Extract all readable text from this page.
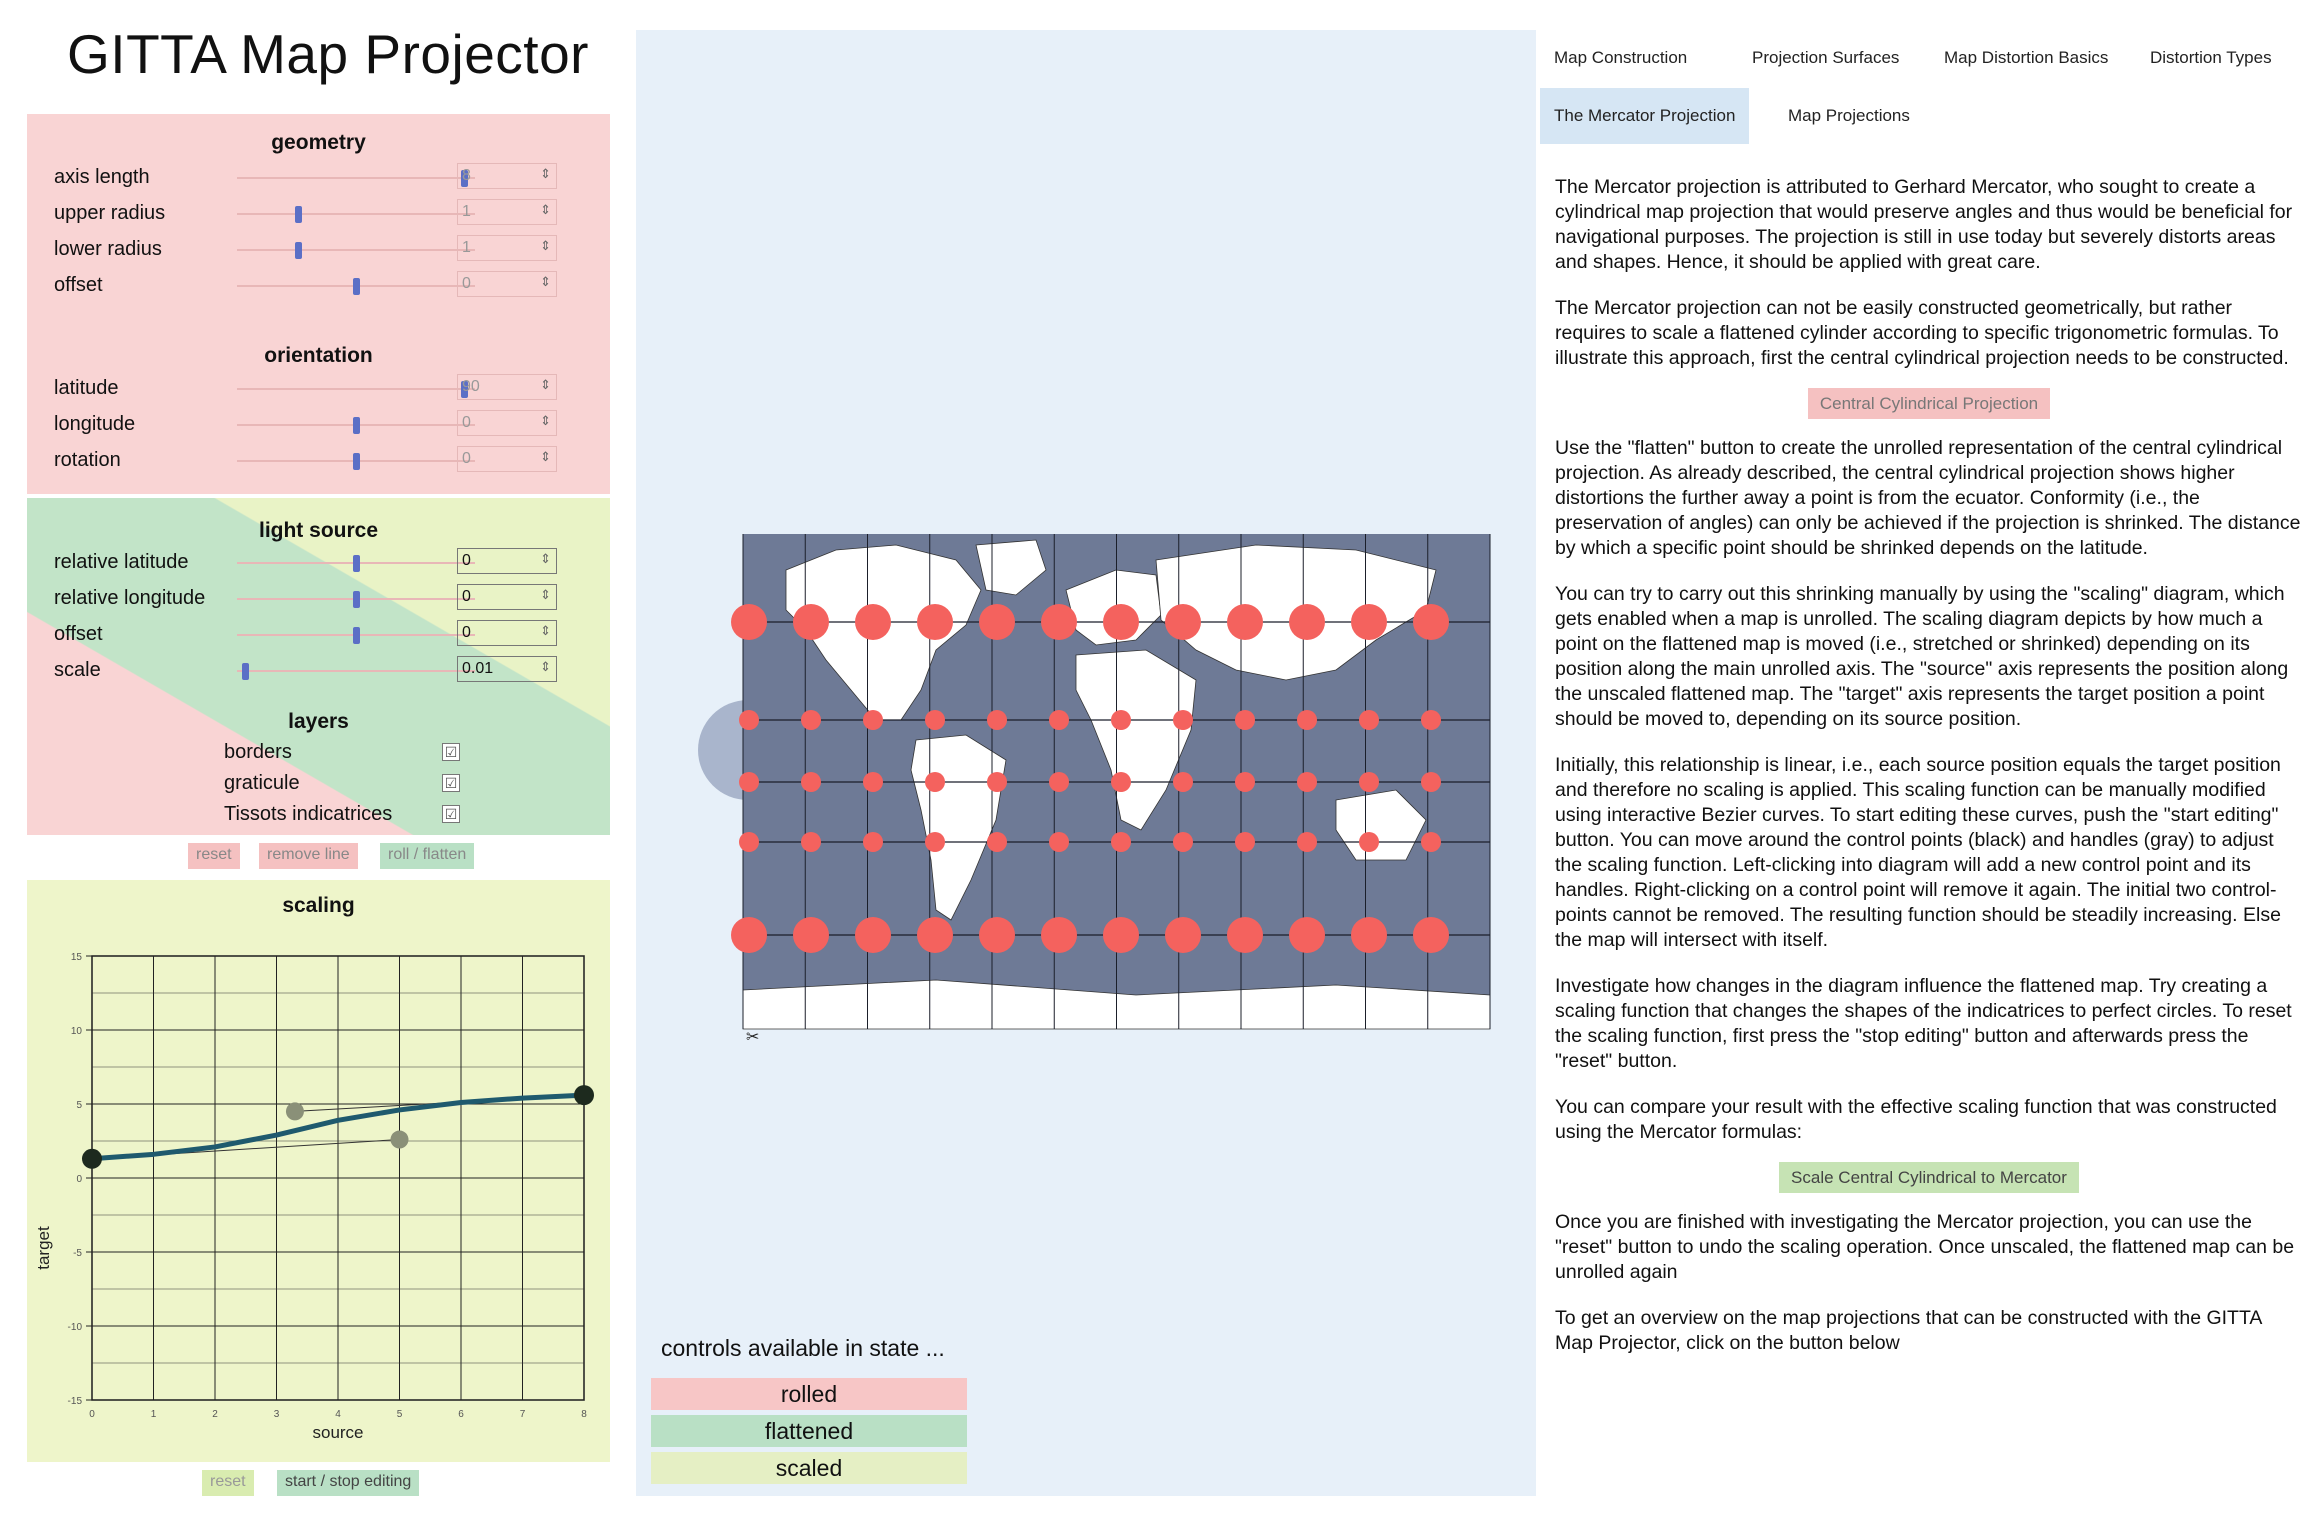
GITTA Map Projector
geometry
axis length	8	⇕
upper radius	1	⇕
lower radius	1	⇕
offset	0	⇕
orientation
latitude	90	⇕
longitude	0	⇕
rotation	0	⇕
light source
relative latitude	0	⇕
relative longitude	0	⇕
offset	0	⇕
scale	0.01	⇕
layers
borders	☑
graticule	☑
Tissots indicatrices	☑
reset	remove line	roll / flatten
scaling
0	1	2	3	4	5	6	7	8
15
10
5
0
-5
-10
-15
source
target
reset	start / stop editing
✂
controls available in state ...
rolled
flattened
scaled
Map Construction	Projection Surfaces	Map Distortion Basics	Distortion Types
The Mercator Projection	Map Projections

The Mercator projection is attributed to Gerhard Mercator, who sought to create a cylindrical map projection that would preserve angles and thus would be beneficial for navigational purposes. The projection is still in use today but severely distorts areas and shapes. Hence, it should be applied with great care.

The Mercator projection can not be easily constructed geometrically, but rather requires to scale a flattened cylinder according to specific trigonometric formulas. To illustrate this approach, first the central cylindrical projection needs to be constructed.

Central Cylindrical Projection

Use the "flatten" button to create the unrolled representation of the central cylindrical projection. As already described, the central cylindrical projection shows higher distortions the further away a point is from the ecuator. Conformity (i.e., the preservation of angles) can only be achieved if the projection is shrinked. The distance by which a specific point should be shrinked depends on the latitude.

You can try to carry out this shrinking manually by using the "scaling" diagram, which gets enabled when a map is unrolled. The scaling diagram depicts by how much a point on the flattened map is moved (i.e., stretched or shrinked) depending on its position along the main unrolled axis. The "source" axis represents the position along the unscaled flattened map. The "target" axis represents the target position a point should be moved to, depending on its source position.

Initially, this relationship is linear, i.e., each source position equals the target position and therefore no scaling is applied. This scaling function can be manually modified using interactive Bezier curves. To start editing these curves, push the "start editing" button. You can move around the control points (black) and handles (gray) to adjust the scaling function. Left-clicking into diagram will add a new control point and its handles. Right-clicking on a control point will remove it again. The initial two control-points cannot be removed. The resulting function should be steadily increasing. Else the map will intersect with itself.

Investigate how changes in the diagram influence the flattened map. Try creating a scaling function that changes the shapes of the indicatrices to perfect circles. To reset the scaling function, first press the "stop editing" button and afterwards press the "reset" button.

You can compare your result with the effective scaling function that was constructed using the Mercator formulas:

Scale Central Cylindrical to Mercator

Once you are finished with investigating the Mercator projection, you can use the "reset" button to undo the scaling operation. Once unscaled, the flattened map can be unrolled again

To get an overview on the map projections that can be constructed with the GITTA Map Projector, click on the button below
